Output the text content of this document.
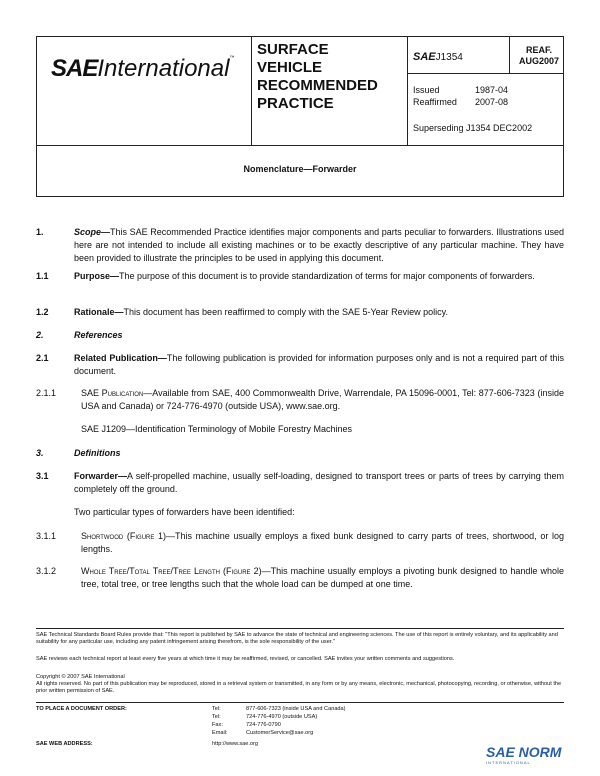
SAEInternational™ SURFACE
VEHICLE
RECOMMENDED
PRACTICE
SAEJ1354
REAF.
AUG2007
Issued	1987-04
Reaffirmed 2007-08
Superseding J1354 DEC2002
Nomenclature—Forwarder
1.	Scope—This SAE Recommended Practice identifies major components and parts peculiar to forwarders. Illustrations used here are not intended to include all existing machines or to be exactly descriptive of any particular machine. They have been provided to illustrate the principles to be used in applying this document.
1.1	Purpose—The purpose of this document is to provide standardization of terms for major components of forwarders.
1.2	Rationale—This document has been reaffirmed to comply with the SAE 5-Year Review policy.
2.	References
2.1	Related Publication—The following publication is provided for information purposes only and is not a required part of this document.
2.1.1	SAE Publication—Available from SAE, 400 Commonwealth Drive, Warrendale, PA 15096-0001, Tel: 877-606-7323 (inside USA and Canada) or 724-776-4970 (outside USA), www.sae.org.
SAE J1209—Identification Terminology of Mobile Forestry Machines
3.	Definitions
3.1	Forwarder—A self-propelled machine, usually self-loading, designed to transport trees or parts of trees by carrying them completely off the ground.
Two particular types of forwarders have been identified:
3.1.1	Shortwood (Figure 1)—This machine usually employs a fixed bunk designed to carry parts of trees, shortwood, or log lengths.
3.1.2	Whole Tree/Total Tree/Tree Length (Figure 2)—This machine usually employs a pivoting bunk designed to handle whole tree, total tree, or tree lengths such that the whole load can be dumped at one time.
SAE Technical Standards Board Rules provide that: "This report is published by SAE to advance the state of technical and engineering sciences. The use of this report is entirely voluntary, and its applicability and suitability for any particular use, including any patent infringement arising therefrom, is the sole responsibility of the user."
SAE reviews each technical report at least every five years at which time it may be reaffirmed, revised, or cancelled. SAE invites your written comments and suggestions.
Copyright © 2007 SAE International
All rights reserved. No part of this publication may be reproduced, stored in a retrieval system or transmitted, in any form or by any means, electronic, mechanical, photocopying, recording, or otherwise, without the prior written permission of SAE.
TO PLACE A DOCUMENT ORDER:
SAE WEB ADDRESS:
Tel:	877-606-7323 (inside USA and Canada)
Tel:	724-776-4970 (outside USA)
Fax:	724-776-0790
Email:	CustomerService@sae.org
http://www.sae.org	SAE NORM
INTERNATIONAL
